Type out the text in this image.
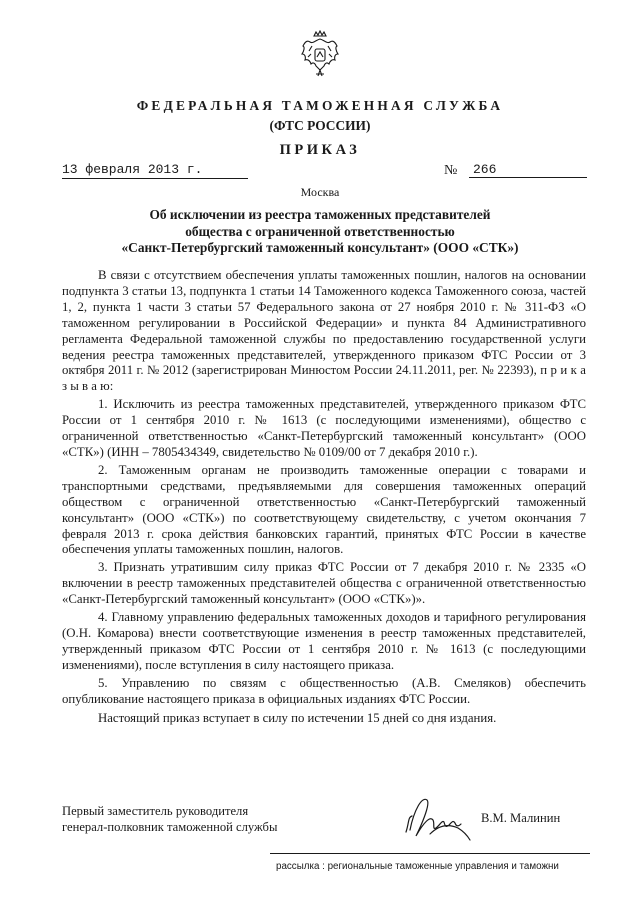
ФЕДЕРАЛЬНАЯ ТАМОЖЕННАЯ СЛУЖБА
(ФТС РОССИИ)
ПРИКАЗ
13 февраля 2013 г.	№	266
Москва
Об исключении из реестра таможенных представителей
общества с ограниченной ответственностью
«Санкт-Петербургский таможенный консультант» (ООО «СТК»)

В связи с отсутствием обеспечения уплаты таможенных пошлин, налогов на основании подпункта 3 статьи 13, подпункта 1 статьи 14 Таможенного кодекса Таможенного союза, частей 1, 2, пункта 1 части 3 статьи 57 Федерального закона от 27 ноября 2010 г. № 311-ФЗ «О таможенном регулировании в Российской Федерации» и пункта 84 Административного регламента Федеральной таможенной службы по предоставлению государственной услуги ведения реестра таможенных представителей, утвержденного приказом ФТС России от 3 октября 2011 г. № 2012 (зарегистрирован Минюстом России 24.11.2011, рег. № 22393), п р и к а з ы в а ю:

1. Исключить из реестра таможенных представителей, утвержденного приказом ФТС России от 1 сентября 2010 г. № 1613 (с последующими изменениями), общество с ограниченной ответственностью «Санкт-Петербургский таможенный консультант» (ООО «СТК») (ИНН – 7805434349, свидетельство № 0109/00 от 7 декабря 2010 г.).

2. Таможенным органам не производить таможенные операции с товарами и транспортными средствами, предъявляемыми для совершения таможенных операций обществом с ограниченной ответственностью «Санкт-Петербургский таможенный консультант» (ООО «СТК») по соответствующему свидетельству, с учетом окончания 7 февраля 2013 г. срока действия банковских гарантий, принятых ФТС России в качестве обеспечения уплаты таможенных пошлин, налогов.

3. Признать утратившим силу приказ ФТС России от 7 декабря 2010 г. № 2335 «О включении в реестр таможенных представителей общества с ограниченной ответственностью «Санкт-Петербургский таможенный консультант» (ООО «СТК»)».

4. Главному управлению федеральных таможенных доходов и тарифного регулирования (О.Н. Комарова) внести соответствующие изменения в реестр таможенных представителей, утвержденный приказом ФТС России от 1 сентября 2010 г. № 1613 (с последующими изменениями), после вступления в силу настоящего приказа.

5. Управлению по связям с общественностью (А.В. Смеляков) обеспечить опубликование настоящего приказа в официальных изданиях ФТС России.

Настоящий приказ вступает в силу по истечении 15 дней со дня издания.

Первый заместитель руководителя
генерал-полковник таможенной службы
В.М. Малинин
рассылка : региональные таможенные управления и таможни
